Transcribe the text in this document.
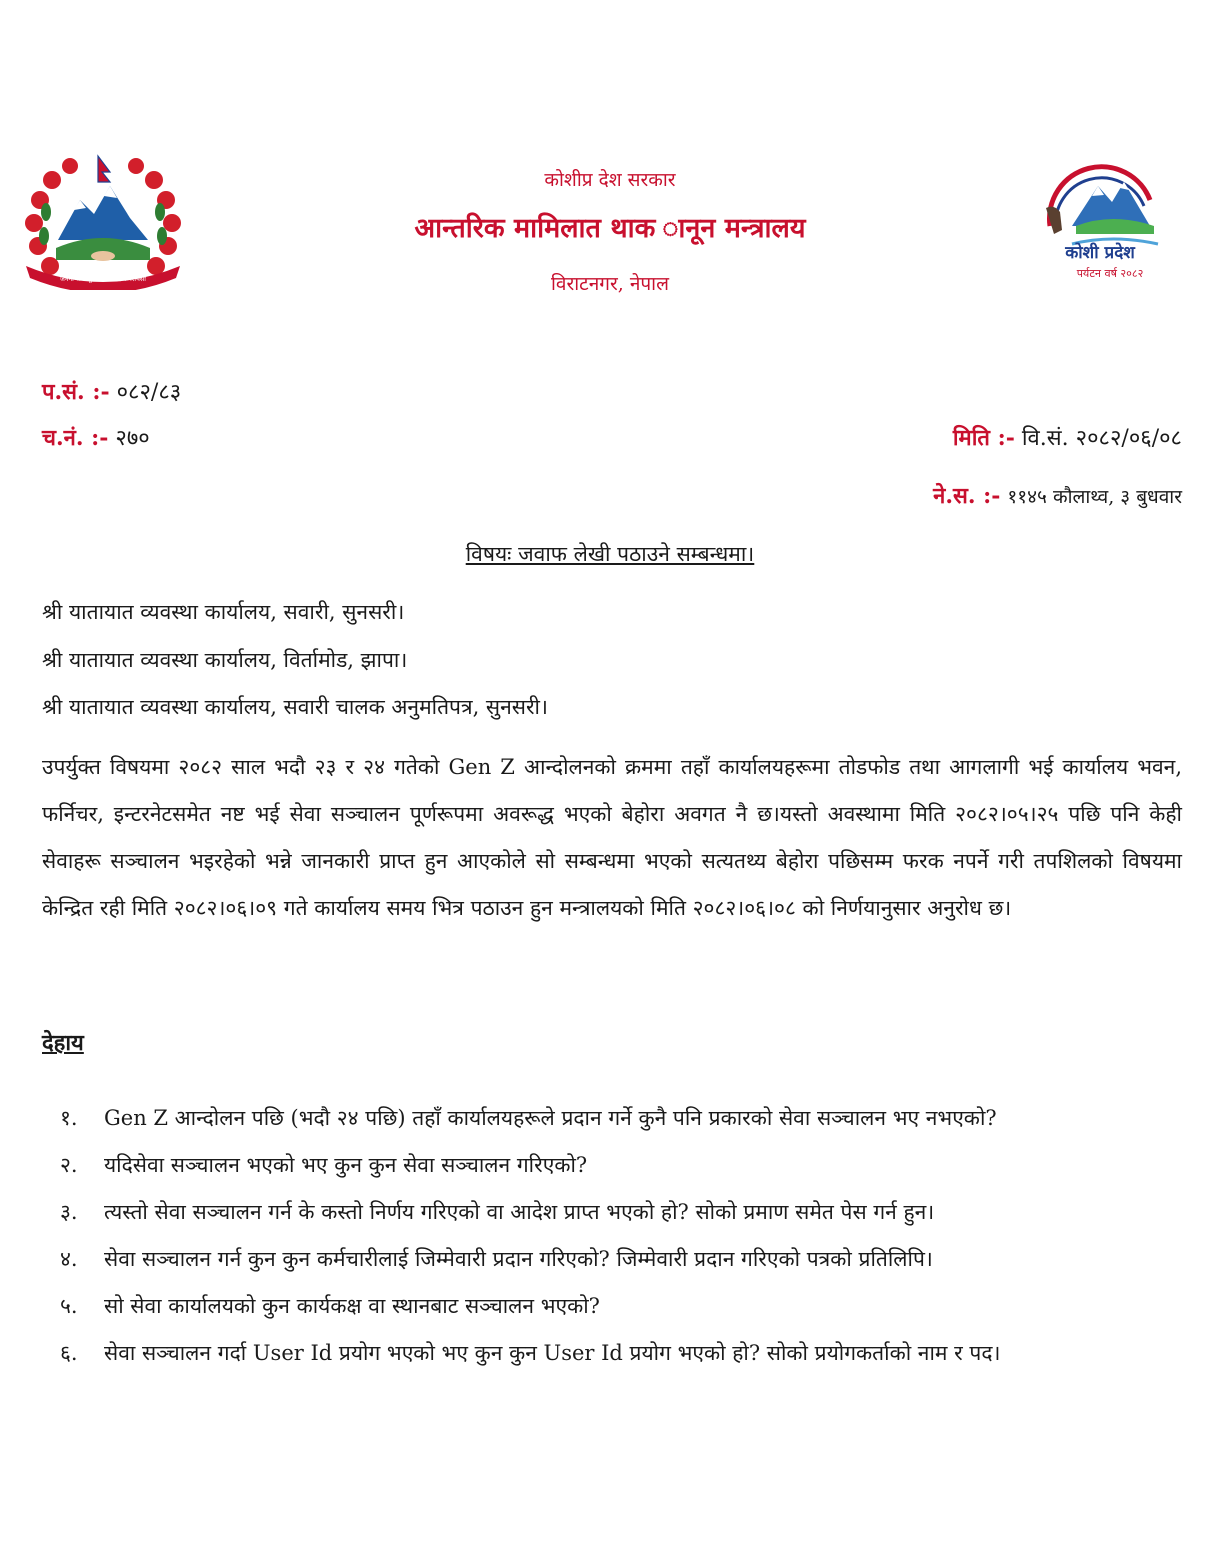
जननी जन्मभूमिश्च स्वर्गादपि गरीयसी
कोशीप्र देश सरकार
आन्तरिक मामिलात थाक ानून मन्त्रालय
विराटनगर, नेपाल
कोशी प्रदेश
पर्यटन वर्ष २०८२
प.सं. :- ०८२/८३
च.नं. :- २७०	मिति :- वि.सं. २०८२/०६/०८
ने.स. :- ११४५ कौलाथ्व, ३ बुधवार
विषयः जवाफ लेखी पठाउने सम्बन्धमा।
श्री यातायात व्यवस्था कार्यालय, सवारी, सुनसरी।
श्री यातायात व्यवस्था कार्यालय, विर्तामोड, झापा।
श्री यातायात व्यवस्था कार्यालय, सवारी चालक अनुमतिपत्र, सुनसरी।

उपर्युक्त विषयमा २०८२ साल भदौ २३ र २४ गतेको Gen Z आन्दोलनको क्रममा तहाँ कार्यालयहरूमा तोडफोड तथा आगलागी भई कार्यालय भवन, फर्निचर, इन्टरनेटसमेत नष्ट भई सेवा सञ्चालन पूर्णरूपमा अवरूद्ध भएको बेहोरा अवगत नै छ।यस्तो अवस्थामा मिति २०८२।०५।२५ पछि पनि केही सेवाहरू सञ्चालन भइरहेको भन्ने जानकारी प्राप्त हुन आएकोले सो सम्बन्धमा भएको सत्यतथ्य बेहोरा पछिसम्म फरक नपर्ने गरी तपशिलको विषयमा केन्द्रित रही मिति २०८२।०६।०९ गते कार्यालय समय भित्र पठाउन हुन मन्त्रालयको मिति २०८२।०६।०८ को निर्णयानुसार अनुरोध छ।

देहाय
१.	Gen Z आन्दोलन पछि (भदौ २४ पछि) तहाँ कार्यालयहरूले प्रदान गर्ने कुनै पनि प्रकारको सेवा सञ्चालन भए नभएको?
२.	यदिसेवा सञ्चालन भएको भए कुन कुन सेवा सञ्चालन गरिएको?
३.	त्यस्तो सेवा सञ्चालन गर्न के कस्तो निर्णय गरिएको वा आदेश प्राप्त भएको हो? सोको प्रमाण समेत पेस गर्न हुन।
४.	सेवा सञ्चालन गर्न कुन कुन कर्मचारीलाई जिम्मेवारी प्रदान गरिएको? जिम्मेवारी प्रदान गरिएको पत्रको प्रतिलिपि।
५.	सो सेवा कार्यालयको कुन कार्यकक्ष वा स्थानबाट सञ्चालन भएको?
६.	सेवा सञ्चालन गर्दा User Id प्रयोग भएको भए कुन कुन User Id प्रयोग भएको हो? सोको प्रयोगकर्ताको नाम र पद।
